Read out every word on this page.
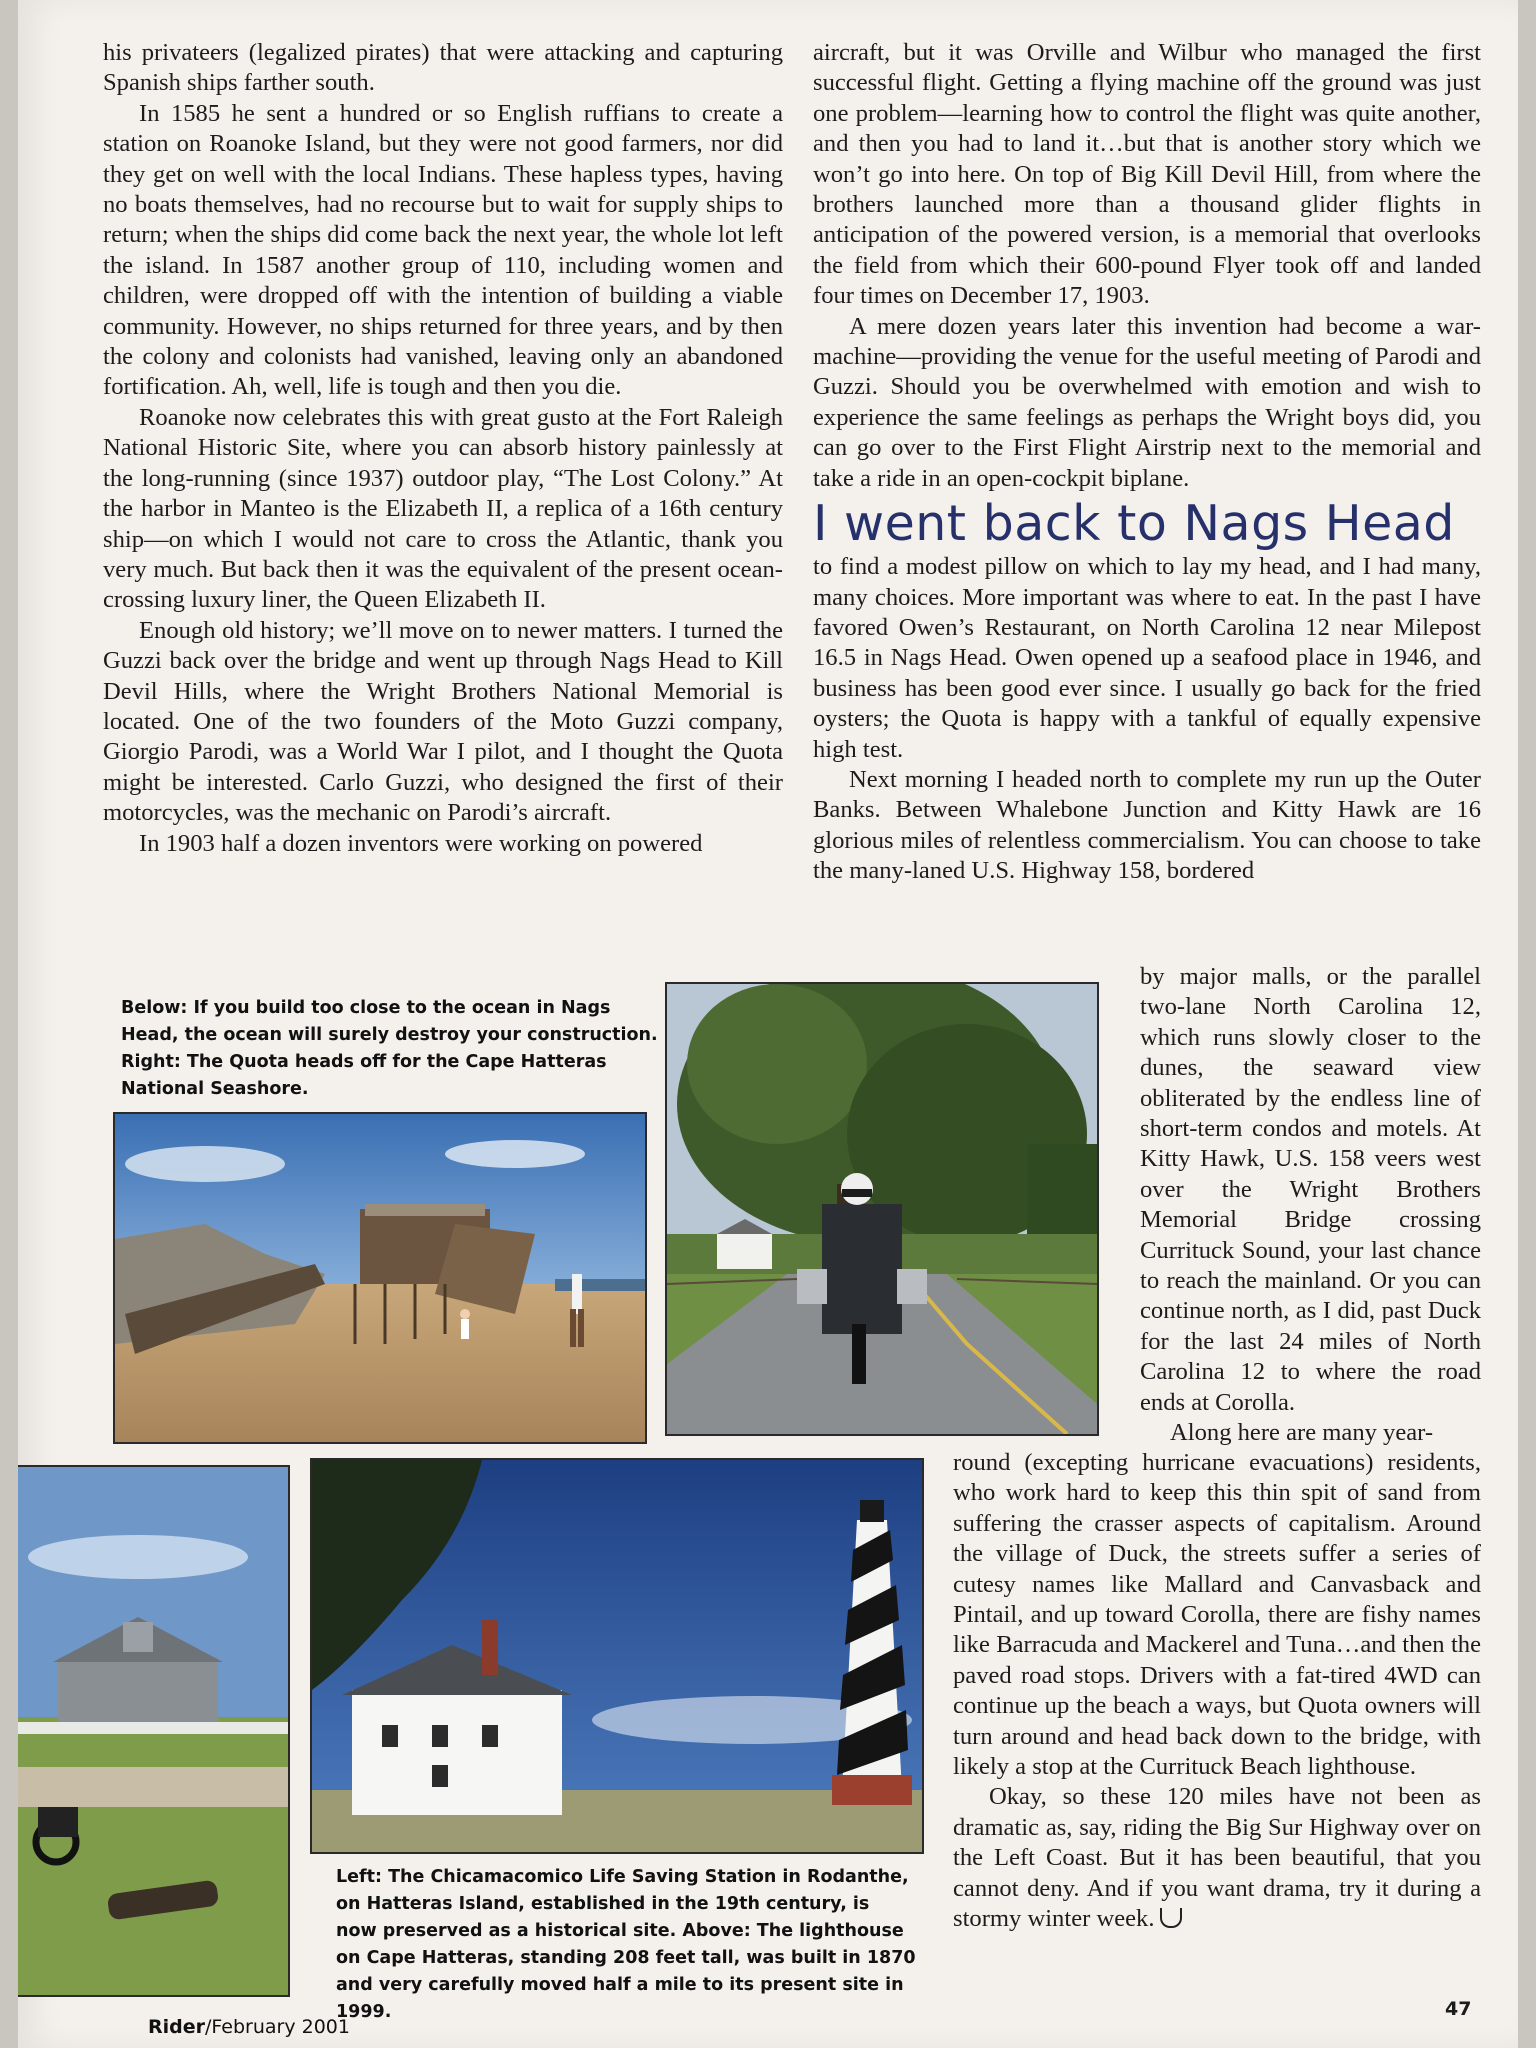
his privateers (legalized pirates) that were attacking and capturing Spanish ships farther south.

In 1585 he sent a hundred or so English ruffians to create a station on Roanoke Island, but they were not good farmers, nor did they get on well with the local Indians. These hapless types, having no boats themselves, had no recourse but to wait for supply ships to return; when the ships did come back the next year, the whole lot left the island. In 1587 another group of 110, including women and children, were dropped off with the intention of building a viable community. However, no ships returned for three years, and by then the colony and colonists had vanished, leaving only an abandoned fortification. Ah, well, life is tough and then you die.

Roanoke now celebrates this with great gusto at the Fort Raleigh National Historic Site, where you can absorb history painlessly at the long-running (since 1937) outdoor play, “The Lost Colony.” At the harbor in Manteo is the Elizabeth II, a replica of a 16th century ship—on which I would not care to cross the Atlantic, thank you very much. But back then it was the equivalent of the present ocean-crossing luxury liner, the Queen Elizabeth II.

Enough old history; we’ll move on to newer matters. I turned the Guzzi back over the bridge and went up through Nags Head to Kill Devil Hills, where the Wright Brothers National Memorial is located. One of the two founders of the Moto Guzzi company, Giorgio Parodi, was a World War I pilot, and I thought the Quota might be interested. Carlo Guzzi, who designed the first of their motorcycles, was the mechanic on Parodi’s aircraft.

In 1903 half a dozen inventors were working on powered

aircraft, but it was Orville and Wilbur who managed the first successful flight. Getting a flying machine off the ground was just one problem—learning how to control the flight was quite another, and then you had to land it…but that is another story which we won’t go into here. On top of Big Kill Devil Hill, from where the brothers launched more than a thousand glider flights in anticipation of the powered version, is a memorial that overlooks the field from which their 600-pound Flyer took off and landed four times on December 17, 1903.

A mere dozen years later this invention had become a war-machine—providing the venue for the useful meeting of Parodi and Guzzi. Should you be overwhelmed with emotion and wish to experience the same feelings as perhaps the Wright boys did, you can go over to the First Flight Airstrip next to the memorial and take a ride in an open-cockpit biplane.

I went back to Nags Head

to find a modest pillow on which to lay my head, and I had many, many choices. More important was where to eat. In the past I have favored Owen’s Restaurant, on North Carolina 12 near Milepost 16.5 in Nags Head. Owen opened up a seafood place in 1946, and business has been good ever since. I usually go back for the fried oysters; the Quota is happy with a tankful of equally expensive high test.

Next morning I headed north to complete my run up the Outer Banks. Between Whalebone Junction and Kitty Hawk are 16 glorious miles of relentless commercialism. You can choose to take the many-laned U.S. Highway 158, bordered

by major malls, or the parallel two-lane North Carolina 12, which runs slowly closer to the dunes, the seaward view obliterated by the endless line of short-term condos and motels. At Kitty Hawk, U.S. 158 veers west over the Wright Brothers Memorial Bridge crossing Currituck Sound, your last chance to reach the mainland. Or you can continue north, as I did, past Duck for the last 24 miles of North Carolina 12 to where the road ends at Corolla.

Along here are many year-

round (excepting hurricane evacuations) residents, who work hard to keep this thin spit of sand from suffering the crasser aspects of capitalism. Around the village of Duck, the streets suffer a series of cutesy names like Mallard and Canvasback and Pintail, and up toward Corolla, there are fishy names like Barracuda and Mackerel and Tuna…and then the paved road stops. Drivers with a fat-tired 4WD can continue up the beach a ways, but Quota owners will turn around and head back down to the bridge, with likely a stop at the Currituck Beach lighthouse.

Okay, so these 120 miles have not been as dramatic as, say, riding the Big Sur Highway over on the Left Coast. But it has been beautiful, that you cannot deny. And if you want drama, try it during a stormy winter week.

Below: If you build too close to the ocean in Nags Head, the ocean will surely destroy your construction. Right: The Quota heads off for the Cape Hatteras National Seashore.
Left: The Chicamacomico Life Saving Station in Rodanthe, on Hatteras Island, established in the 19th century, is now preserved as a historical site. Above: The lighthouse on Cape Hatteras, standing 208 feet tall, was built in 1870 and very carefully moved half a mile to its present site in 1999.
Rider/February 2001
47
